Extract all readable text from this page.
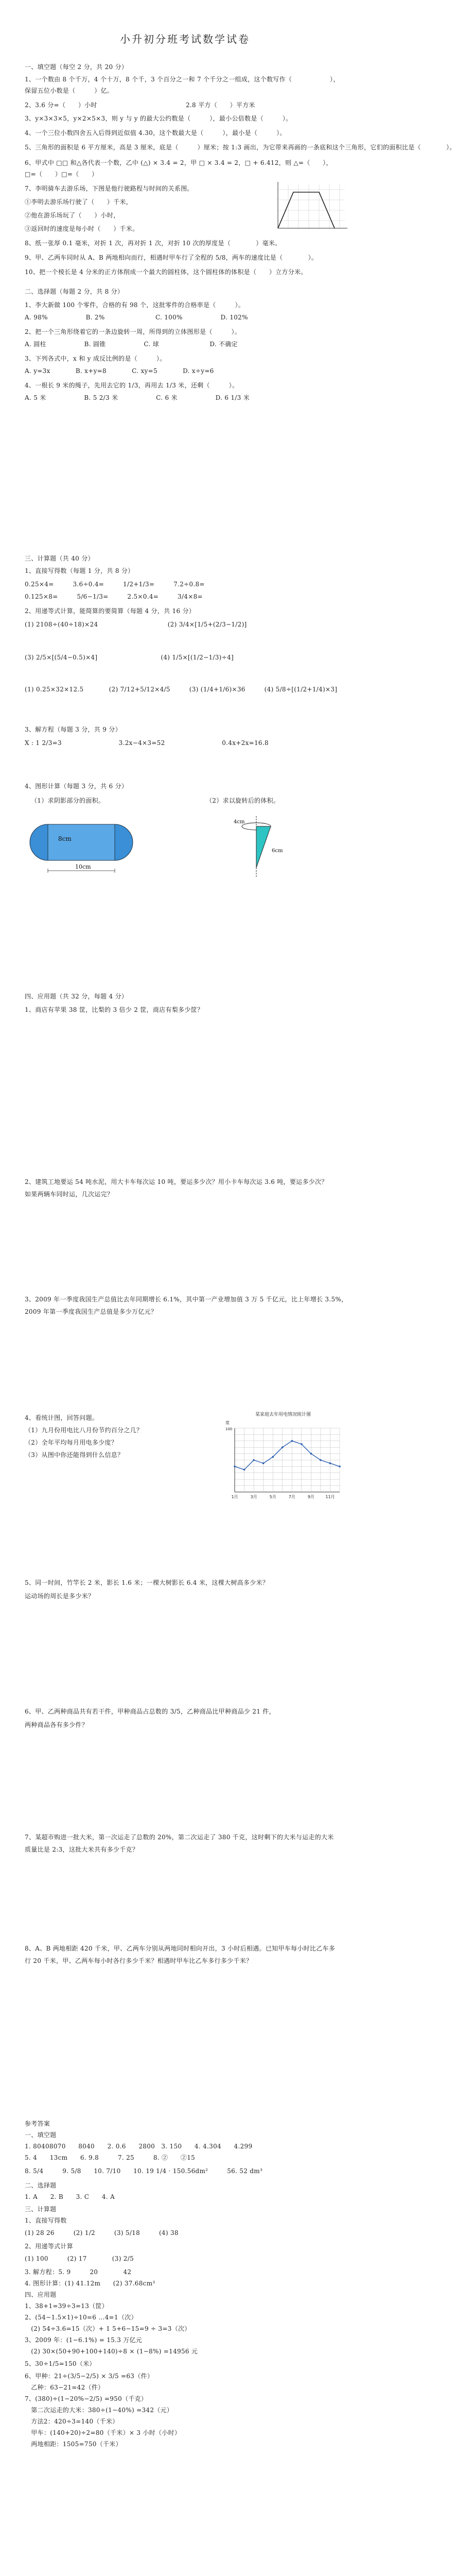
小升初分班考试数学试卷
一、填空题（每空 2 分，共 20 分）
1、一个数由 8 个千万，4 个十万，8 个千，3 个百分之一和 7 个千分之一组成，这个数写作（　　　　　　），
保留五位小数是（　　　）亿。
2、3.6 分=（　　）小时　　　　　　　　　　　　　　2.8 平方（　　）平方米
3、y×3×3×5，y×2×5×3，则 y 与 y 的最大公约数是（　　　），最小公倍数是（　　　）。
4、一个三位小数四舍五入后得到近似值 4.30，这个数最大是（　　　），最小是（　　　）。
5、三角形的面积是 6 平方厘米，高是 3 厘米，底是（　　　）厘米；按 1:3 画出，为它带来再画的一条底和这个三角形，它们的面积比是（　　　　）。
6、甲式中 □□ 和△各代表一个数，乙中 (△) × 3.4 = 2，甲 □ × 3.4 = 2，□ + 6.412，则 △=（　　），
□=（　　）□=（　　）
7、李明骑车去游乐场，下图是他行驶路程与时间的关系图。
①李明去游乐场行驶了（　　）千米，
②他在游乐场玩了（　　）小时，
③返回时的速度是每小时（　　）千米。
8、纸一张厚 0.1 毫米，对折 1 次，再对折 1 次，对折 10 次的厚度是（　　　　）毫米。
9、甲、乙两车同时从 A、B 两地相向而行，相遇时甲车行了全程的 5/8，两车的速度比是（　　　　）。
10、把一个棱长是 4 分米的正方体削成一个最大的圆柱体，这个圆柱体的体积是（　　）立方分米。
二、选择题（每题 2 分，共 8 分）
1、李大新做 100 个零件，合格的有 98 个，这批零件的合格率是（　　　）。
A. 98%　　　　　　B. 2%　　　　　　　　C. 100%　　　　　　D. 102%
2、把一个三角形绕着它的一条边旋转一周，所得到的立体图形是（　　　）。
A. 圆柱　　　　　　B. 圆锥　　　　　　C. 球　　　　　　　　D. 不确定
3、下列各式中，x 和 y 成反比例的是（　　　）。
A. y=3x　　　　B. x+y=8　　　　C. xy=5　　　　D. x÷y=6
4、一根长 9 米的绳子，先用去它的 1/3，再用去 1/3 米，还剩（　　　）。
A. 5 米　　　　　　B. 5 2/3 米　　　　　　C. 6 米　　　　　　D. 6 1/3 米
三、计算题（共 40 分）
1、直接写得数（每题 1 分，共 8 分）
0.25×4=　　　3.6÷0.4=　　　1/2+1/3=　　　7.2÷0.8=
0.125×8=　　　5/6−1/3=　　　2.5×0.4=　　　3/4×8=
2、用递等式计算，能简算的要简算（每题 4 分，共 16 分）
(1) 2108÷(40÷18)×24　　　　　　　　　　　(2) 3/4×[1/5+(2/3−1/2)]
(3) 2/5×[(5/4−0.5)×4]　　　　　　　　　　(4) 1/5×[(1/2−1/3)÷4]
(1) 0.25×32×12.5　　　　(2) 7/12+5/12×4/5　　　(3) (1/4+1/6)×36　　　(4) 5/8÷[(1/2+1/4)×3]
3、解方程（每题 3 分，共 9 分）
X : 1 2/3=3　　　　　　　　　3.2x−4×3=52　　　　　　　　　0.4x+2x=16.8
4、图形计算（每题 3 分，共 6 分）
（1）求阴影部分的面积。	（2）求以旋转后的体积。
8cm
10cm
4cm
6cm
四、应用题（共 32 分，每题 4 分）
1、商店有苹果 38 筐，比梨的 3 倍少 2 筐，商店有梨多少筐？
2、建筑工地要运 54 吨水泥，用大卡车每次运 10 吨，要运多少次？用小卡车每次运 3.6 吨，要运多少次？
如果两辆车同时运，几次运完？
3、2009 年一季度我国生产总值比去年同期增长 6.1%，其中第一产业增加值 3 万 5 千亿元，比上年增长 3.5%，
2009 年第一季度我国生产总值是多少万亿元？
4、看统计图，回答问题。
（1）九月份用电比八月份节约百分之几？
（2）全年平均每月用电多少度？
（3）从图中你还能得到什么信息？
某家庭去年用电情况统计图
度
100
1月	3月	5月	7月	9月	11月
5、同一时间，竹竿长 2 米，影长 1.6 米；一棵大树影长 6.4 米，这棵大树高多少米？
运动场的周长是多少米？
6、甲、乙两种商品共有若干件，甲种商品占总数的 3/5，乙种商品比甲种商品少 21 件，
两种商品各有多少件？
7、某超市购进一批大米，第一次运走了总数的 20%，第二次运走了 380 千克，这时剩下的大米与运走的大米
质量比是 2:3，这批大米共有多少千克？
8、A、B 两地相距 420 千米，甲、乙两车分别从两地同时相向开出，3 小时后相遇。已知甲车每小时比乙车多
行 20 千米，甲、乙两车每小时各行多少千米？相遇时甲车比乙车多行多少千米？
参考答案
一、填空题
1. 80408070　　8040　　2. 0.6　　2800　3. 150　　4. 4.304　　4.299
5. 4　　13cm　　6. 9.8　　　7. 25　　　8. ②　　②15
8. 5/4　　　9. 5/8　　10. 7/10　　10. 19 1/4 · 150.56dm²　　　56. 52 dm³
二、选择题
1. A　　2. B　　3. C　　4. A
三、计算题
1、直接写得数
(1) 28 26　　　(2) 1/2　　　(3) 5/18　　　(4) 38
2、用递等式计算
(1) 100　　　(2) 17　　　　(3) 2/5
3. 解方程：5. 9　　　20　　　　42
4. 图形计算：(1) 41.12m　　(2) 37.68cm³
四、应用题
1、38+1=39÷3=13（筐）
2、(54−1.5×1)÷10=6 …4=1（次）
　(2) 54÷3.6=15（次）+ 1 5+6−15=9 ÷ 3=3（次）
3、2009 年：(1−6.1%) = 15.3 万亿元
　(2) 30×(50+90+100+140)÷8 × (1−8%) =14956 元
5、30÷1/5=150（米）
6、甲种：21÷(3/5−2/5) × 3/5 =63（件）
　乙种：63−21=42（件）
7、(380)÷(1−20%−2/5) =950（千克）
　第二次运走的大米：380÷(1−40%) =342（元）
　方法2：420÷3=140（千米）
　甲车：(140+20)÷2=80（千米）× 3 小时（小时）
　两地相距：1505=750（千米）
